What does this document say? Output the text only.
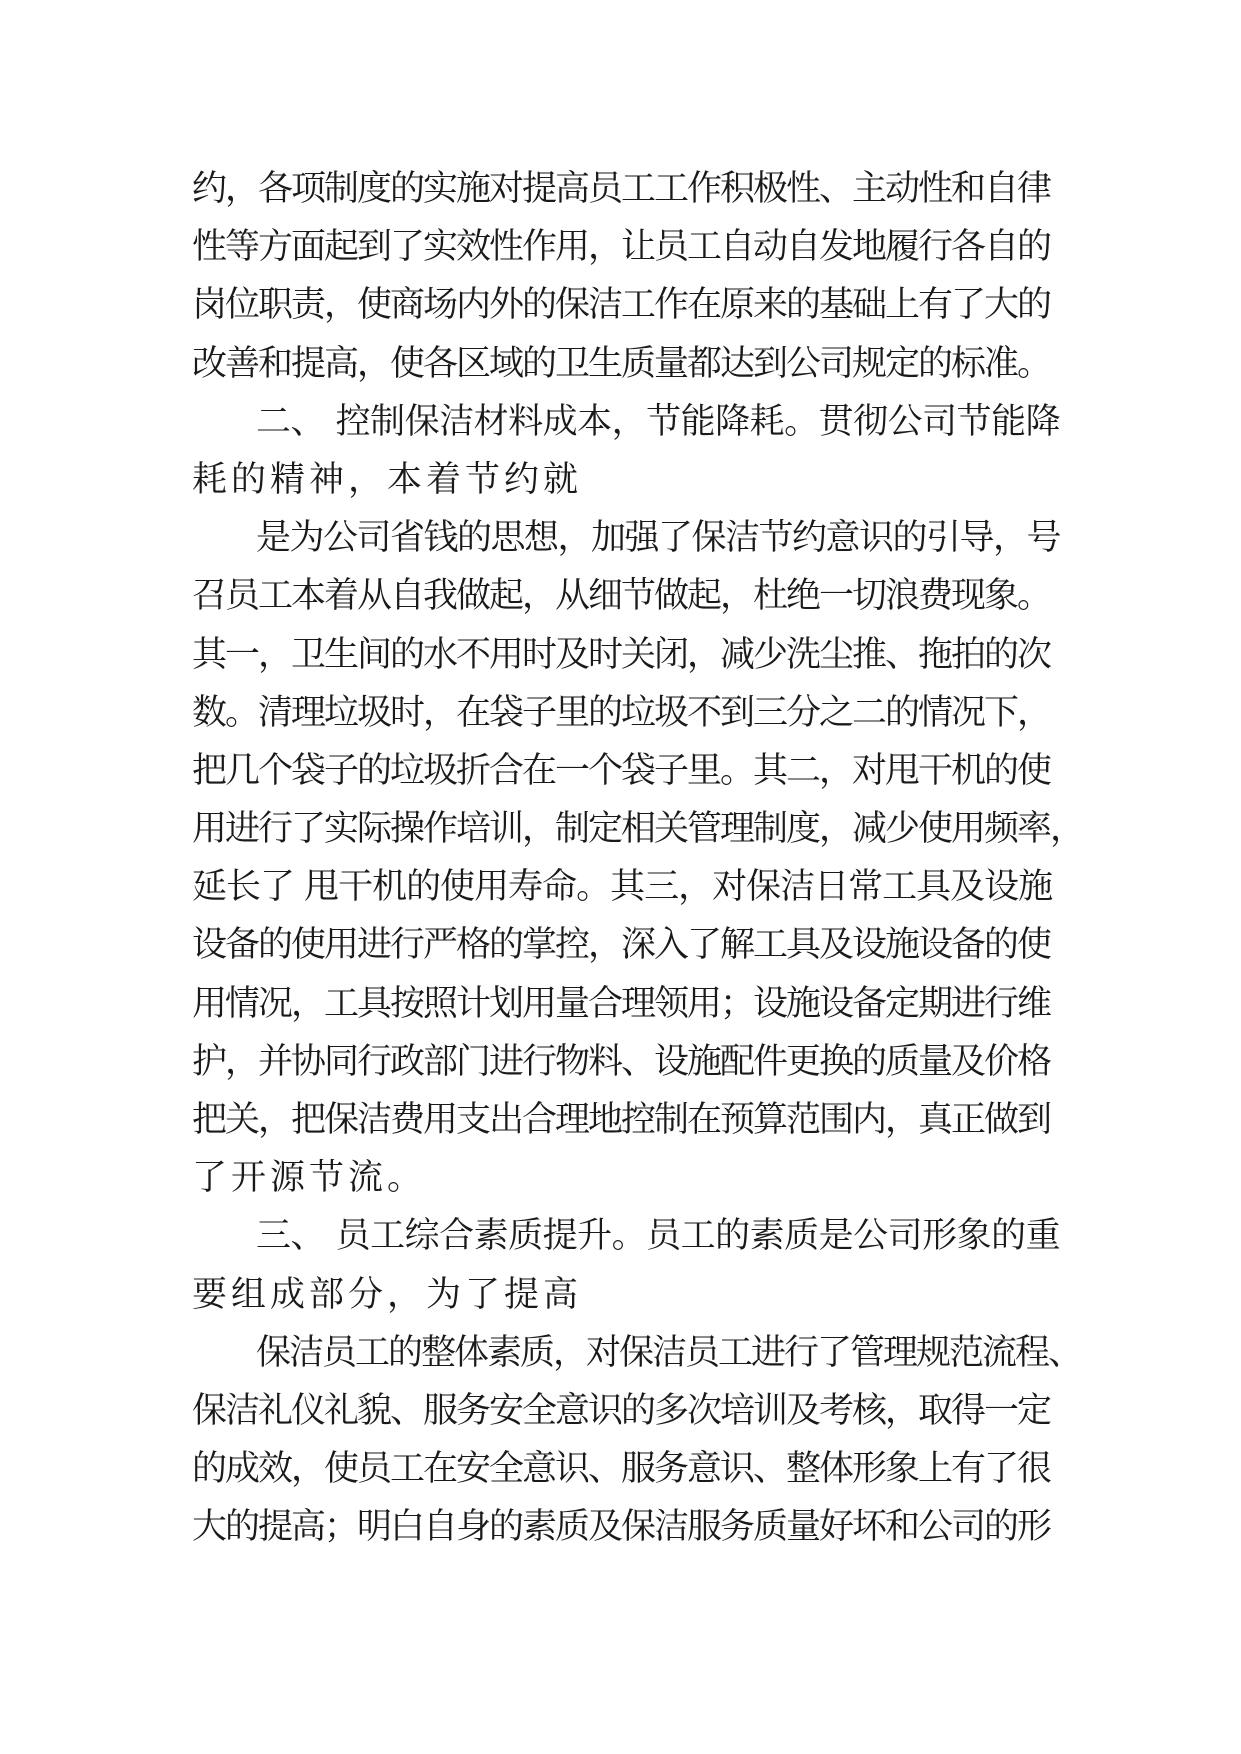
约，各项制度的实施对提高员工工作积极性、主动性和自律
性等方面起到了实效性作用，让员工自动自发地履行各自的
岗位职责，使商场内外的保洁工作在原来的基础上有了大的
改善和提高，使各区域的卫生质量都达到公司规定的标准。
二、 控制保洁材料成本，节能降耗。贯彻公司节能降
耗的精神，本着节约就
是为公司省钱的思想，加强了保洁节约意识的引导，号
召员工本着从自我做起，从细节做起，杜绝一切浪费现象。
其一，卫生间的水不用时及时关闭，减少洗尘推、拖拍的次
数。清理垃圾时，在袋子里的垃圾不到三分之二的情况下，
把几个袋子的垃圾折合在一个袋子里。其二，对甩干机的使
用进行了实际操作培训，制定相关管理制度，减少使用频率，
延长了 甩干机的使用寿命。其三，对保洁日常工具及设施
设备的使用进行严格的掌控，深入了解工具及设施设备的使
用情况，工具按照计划用量合理领用；设施设备定期进行维
护，并协同行政部门进行物料、设施配件更换的质量及价格
把关，把保洁费用支出合理地控制在预算范围内，真正做到
了开源节流。
三、 员工综合素质提升。员工的素质是公司形象的重
要组成部分，为了提高
保洁员工的整体素质，对保洁员工进行了管理规范流程、
保洁礼仪礼貌、服务安全意识的多次培训及考核，取得一定
的成效，使员工在安全意识、服务意识、整体形象上有了很
大的提高；明白自身的素质及保洁服务质量好坏和公司的形
